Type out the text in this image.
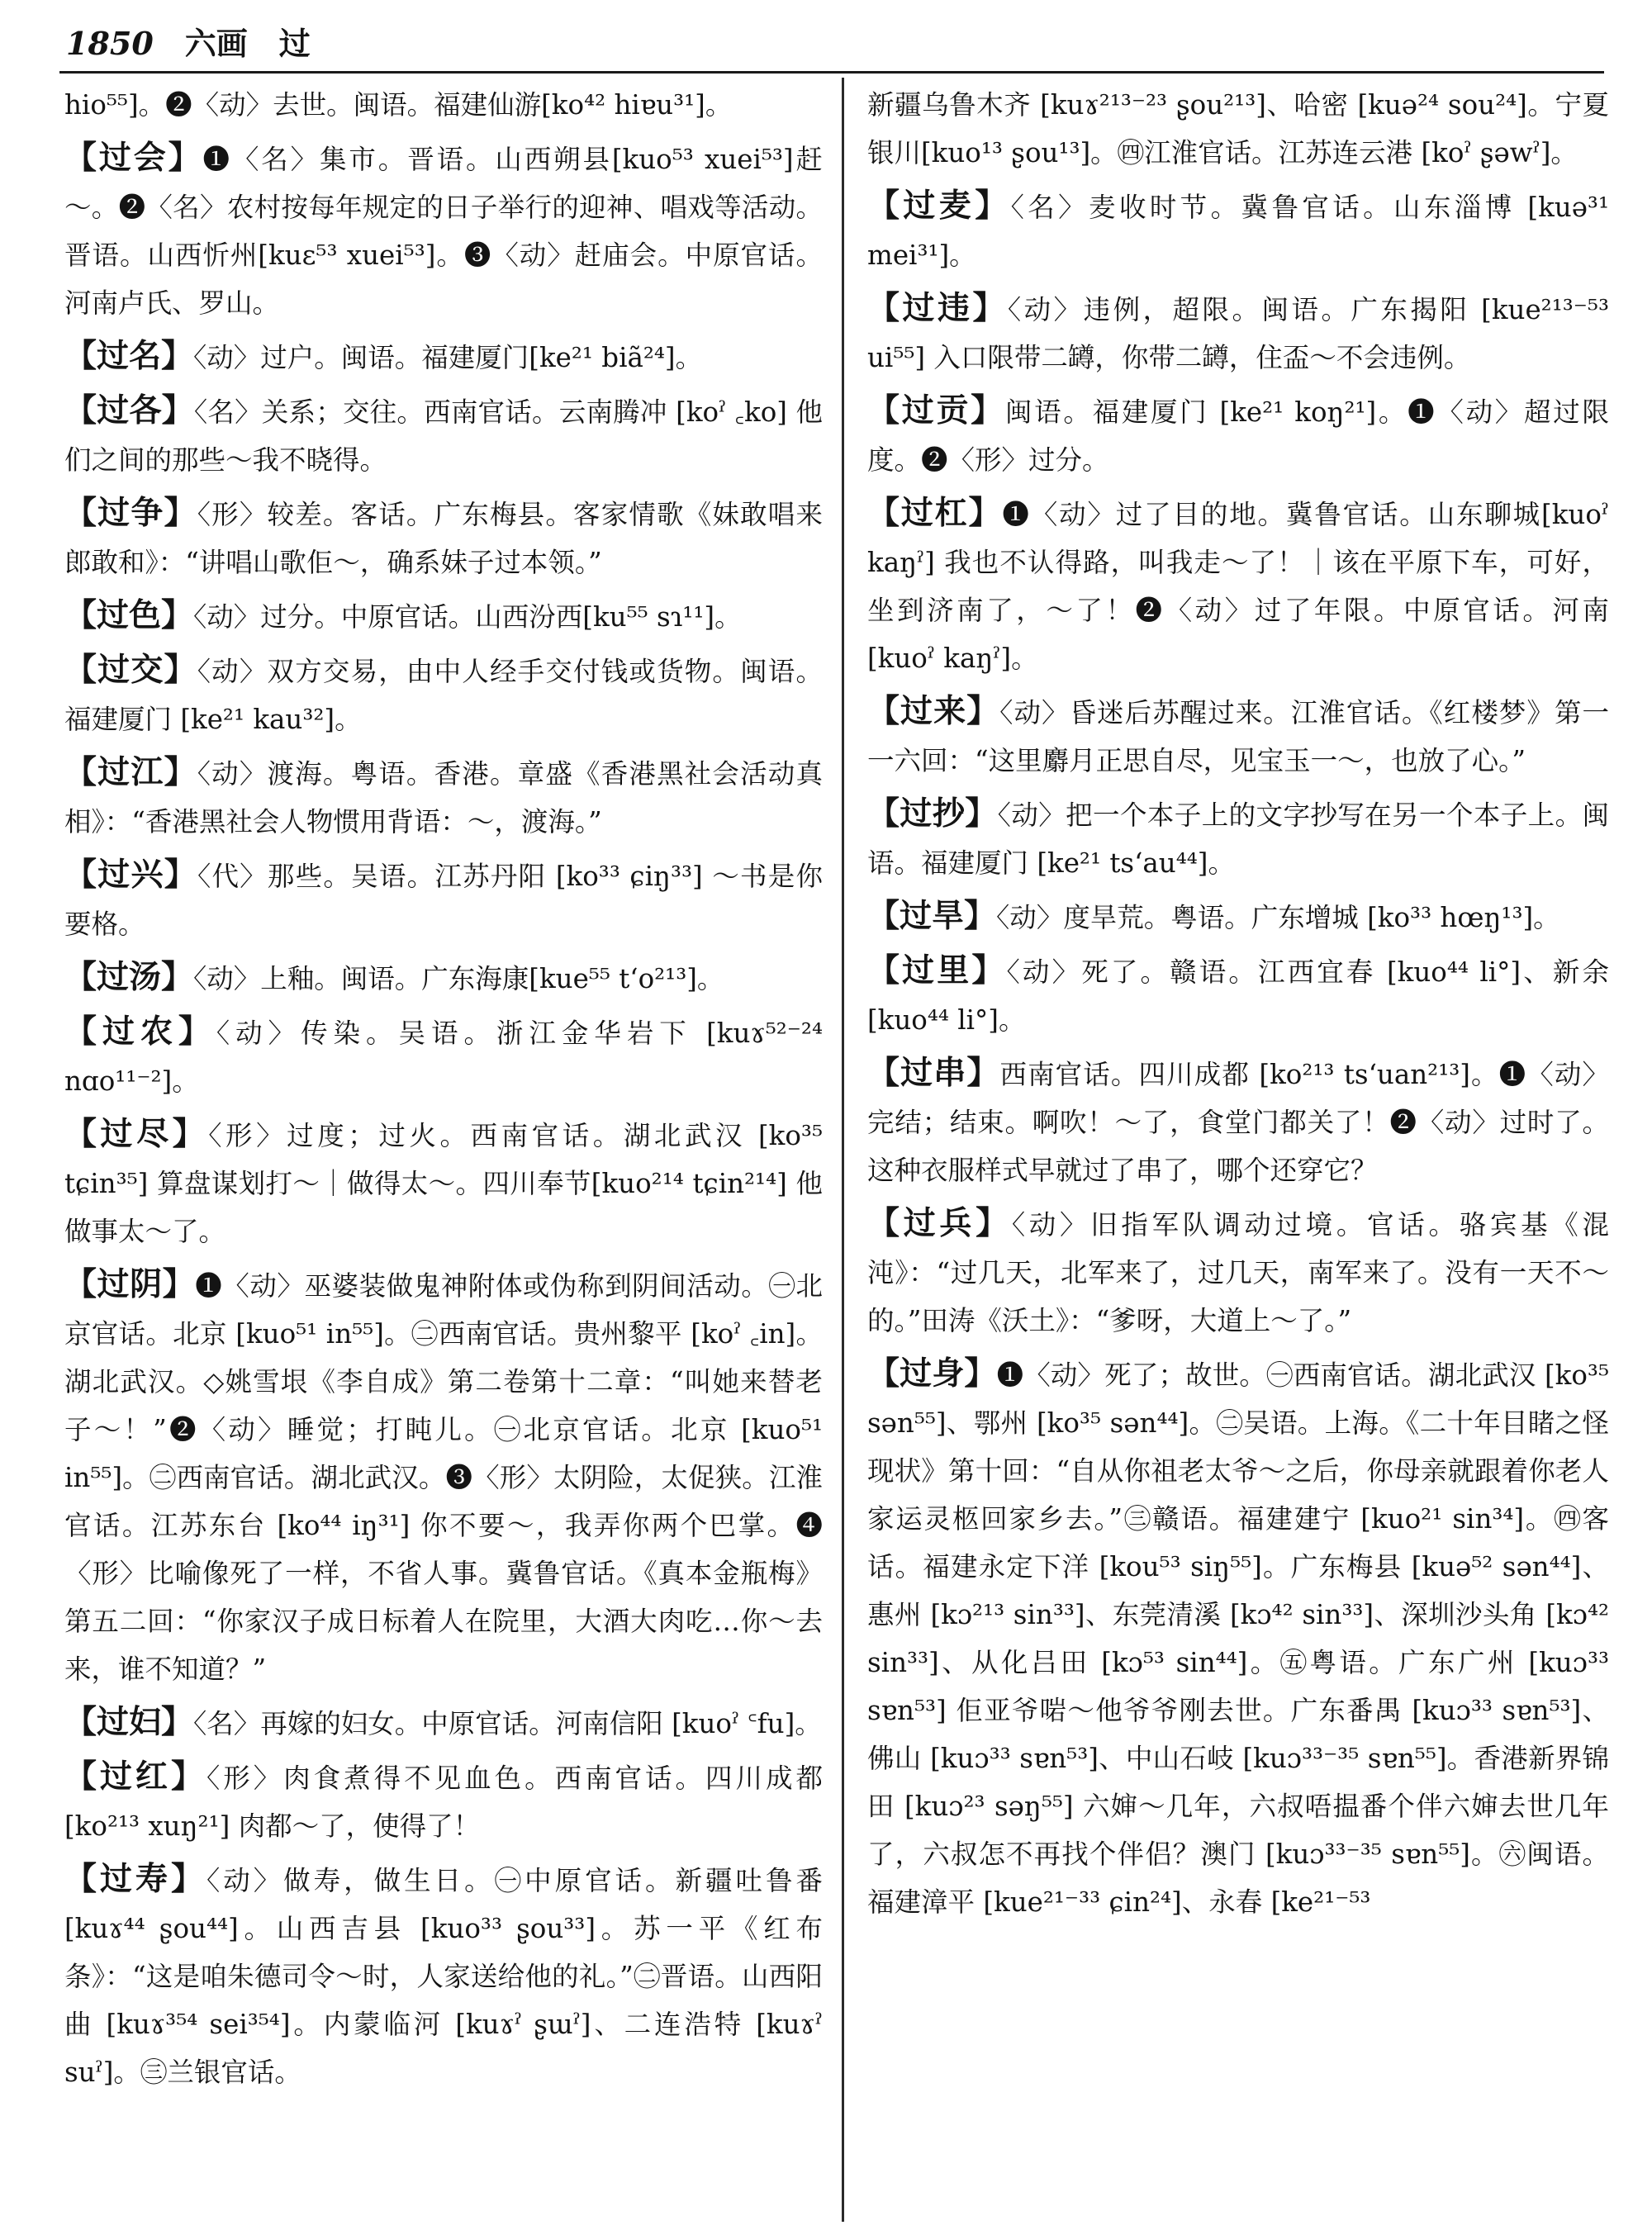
1850 六画 过
hio⁵⁵]。❷〈动〉去世。闽语。福建仙游[ko⁴² hiɐu³¹]。
【过会】❶〈名〉集市。晋语。山西朔县[kuo⁵³ xuei⁵³]赶～。❷〈名〉农村按每年规定的日子举行的迎神、唱戏等活动。晋语。山西忻州[kuɛ⁵³ xuei⁵³]。❸〈动〉赶庙会。中原官话。河南卢氏、罗山。
【过名】〈动〉过户。闽语。福建厦门[ke²¹ biã²⁴]。
【过各】〈名〉关系；交往。西南官话。云南腾冲 [koˀ ꜀ko] 他们之间的那些～我不晓得。
【过争】〈形〉较差。客话。广东梅县。客家情歌《妹敢唱来郎敢和》：“讲唱山歌佢～，确系妹子过本领。”
【过色】〈动〉过分。中原官话。山西汾西[ku⁵⁵ sɿ¹¹]。
【过交】〈动〉双方交易，由中人经手交付钱或货物。闽语。福建厦门 [ke²¹ kau³²]。
【过江】〈动〉渡海。粤语。香港。章盛《香港黑社会活动真相》：“香港黑社会人物惯用背语：～，渡海。”
【过兴】〈代〉那些。吴语。江苏丹阳 [ko³³ ɕiŋ³³] ～书是你要格。
【过汤】〈动〉上釉。闽语。广东海康[kue⁵⁵ tʻo²¹³]。
【过农】〈动〉传染。吴语。浙江金华岩下 [kuɤ⁵²⁻²⁴ nɑo¹¹⁻²]。
【过尽】〈形〉过度；过火。西南官话。湖北武汉 [ko³⁵ tɕin³⁵] 算盘谋划打～｜做得太～。四川奉节[kuo²¹⁴ tɕin²¹⁴] 他做事太～了。
【过阴】❶〈动〉巫婆装做鬼神附体或伪称到阴间活动。㊀北京官话。北京 [kuo⁵¹ in⁵⁵]。㊁西南官话。贵州黎平 [koˀ ꜀in]。湖北武汉。◇姚雪垠《李自成》第二卷第十二章：“叫她来替老子～！”❷〈动〉睡觉；打盹儿。㊀北京官话。北京 [kuo⁵¹ in⁵⁵]。㊁西南官话。湖北武汉。❸〈形〉太阴险，太促狭。江淮官话。江苏东台 [ko⁴⁴ iŋ³¹] 你不要～，我弄你两个巴掌。❹〈形〉比喻像死了一样，不省人事。冀鲁官话。《真本金瓶梅》第五二回：“你家汉子成日标着人在院里，大酒大肉吃…你～去来，谁不知道？”
【过妇】〈名〉再嫁的妇女。中原官话。河南信阳 [kuoˀ ꜂fu]。
【过红】〈形〉肉食煮得不见血色。西南官话。四川成都 [ko²¹³ xuŋ²¹] 肉都～了，使得了！
【过寿】〈动〉做寿，做生日。㊀中原官话。新疆吐鲁番 [kuɤ⁴⁴ ʂou⁴⁴]。山西吉县 [kuo³³ ʂou³³]。苏一平《红布条》：“这是咱朱德司令～时，人家送给他的礼。”㊁晋语。山西阳曲 [kuɤ³⁵⁴ sei³⁵⁴]。内蒙临河 [kuɤˀ ʂɯˀ]、二连浩特 [kuɤˀ suˀ]。㊂兰银官话。
新疆乌鲁木齐 [kuɤ²¹³⁻²³ ʂou²¹³]、哈密 [kuə²⁴ sou²⁴]。宁夏银川[kuo¹³ ʂou¹³]。㊃江淮官话。江苏连云港 [koˀ ʂəwˀ]。
【过麦】〈名〉麦收时节。冀鲁官话。山东淄博 [kuə³¹ mei³¹]。
【过违】〈动〉违例，超限。闽语。广东揭阳 [kue²¹³⁻⁵³ ui⁵⁵] 入口限带二罇，你带二罇，住盃～不会违例。
【过贡】闽语。福建厦门 [ke²¹ koŋ²¹]。❶〈动〉超过限度。❷〈形〉过分。
【过杠】❶〈动〉过了目的地。冀鲁官话。山东聊城[kuoˀ kaŋˀ] 我也不认得路，叫我走～了！｜该在平原下车，可好，坐到济南了，～了！❷〈动〉过了年限。中原官话。河南 [kuoˀ kaŋˀ]。
【过来】〈动〉昏迷后苏醒过来。江淮官话。《红楼梦》第一一六回：“这里麝月正思自尽，见宝玉一～，也放了心。”
【过抄】〈动〉把一个本子上的文字抄写在另一个本子上。闽语。福建厦门 [ke²¹ tsʻau⁴⁴]。
【过旱】〈动〉度旱荒。粤语。广东增城 [ko³³ hœŋ¹³]。
【过里】〈动〉死了。赣语。江西宜春 [kuo⁴⁴ li°]、新余 [kuo⁴⁴ li°]。
【过串】西南官话。四川成都 [ko²¹³ tsʻuan²¹³]。❶〈动〉完结；结束。啊吹！～了，食堂门都关了！❷〈动〉过时了。这种衣服样式早就过了串了，哪个还穿它？
【过兵】〈动〉旧指军队调动过境。官话。骆宾基《混沌》：“过几天，北军来了，过几天，南军来了。没有一天不～的。”田涛《沃土》：“爹呀，大道上～了。”
【过身】❶〈动〉死了；故世。㊀西南官话。湖北武汉 [ko³⁵ sən⁵⁵]、鄂州 [ko³⁵ sən⁴⁴]。㊁吴语。上海。《二十年目睹之怪现状》第十回：“自从你祖老太爷～之后，你母亲就跟着你老人家运灵柩回家乡去。”㊂赣语。福建建宁 [kuo²¹ sin³⁴]。㊃客话。福建永定下洋 [kou⁵³ siŋ⁵⁵]。广东梅县 [kuə⁵² sən⁴⁴]、惠州 [kɔ²¹³ sin³³]、东莞清溪 [kɔ⁴² sin³³]、深圳沙头角 [kɔ⁴² sin³³]、从化吕田 [kɔ⁵³ sin⁴⁴]。㊄粤语。广东广州 [kuɔ³³ sɐn⁵³] 佢亚爷啱～他爷爷刚去世。广东番禺 [kuɔ³³ sɐn⁵³]、佛山 [kuɔ³³ sɐn⁵³]、中山石岐 [kuɔ³³⁻³⁵ sɐn⁵⁵]。香港新界锦田 [kuɔ²³ səŋ⁵⁵] 六婶～几年，六叔唔揾番个伴六婶去世几年了，六叔怎不再找个伴侣？澳门 [kuɔ³³⁻³⁵ sɐn⁵⁵]。㊅闽语。福建漳平 [kue²¹⁻³³ ɕin²⁴]、永春 [ke²¹⁻⁵³
